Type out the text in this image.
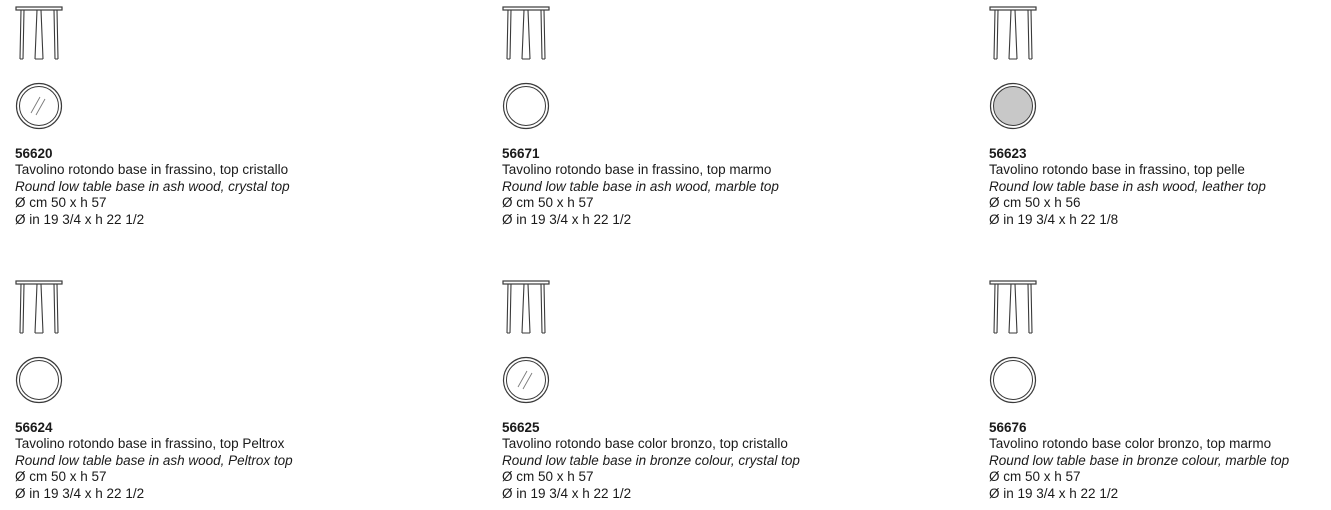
56620
Tavolino rotondo base in frassino, top cristallo
Round low table base in ash wood, crystal top
Ø cm 50 x h 57
Ø in 19 3/4 x h 22 1/2
56671
Tavolino rotondo base in frassino, top marmo
Round low table base in ash wood, marble top
Ø cm 50 x h 57
Ø in 19 3/4 x h 22 1/2
56623
Tavolino rotondo base in frassino, top pelle
Round low table base in ash wood, leather top
Ø cm 50 x h 56
Ø in 19 3/4 x h 22 1/8
56624
Tavolino rotondo base in frassino, top Peltrox
Round low table base in ash wood, Peltrox top
Ø cm 50 x h 57
Ø in 19 3/4 x h 22 1/2
56625
Tavolino rotondo base color bronzo, top cristallo
Round low table base in bronze colour, crystal top
Ø cm 50 x h 57
Ø in 19 3/4 x h 22 1/2
56676
Tavolino rotondo base color bronzo, top marmo
Round low table base in bronze colour, marble top
Ø cm 50 x h 57
Ø in 19 3/4 x h 22 1/2
